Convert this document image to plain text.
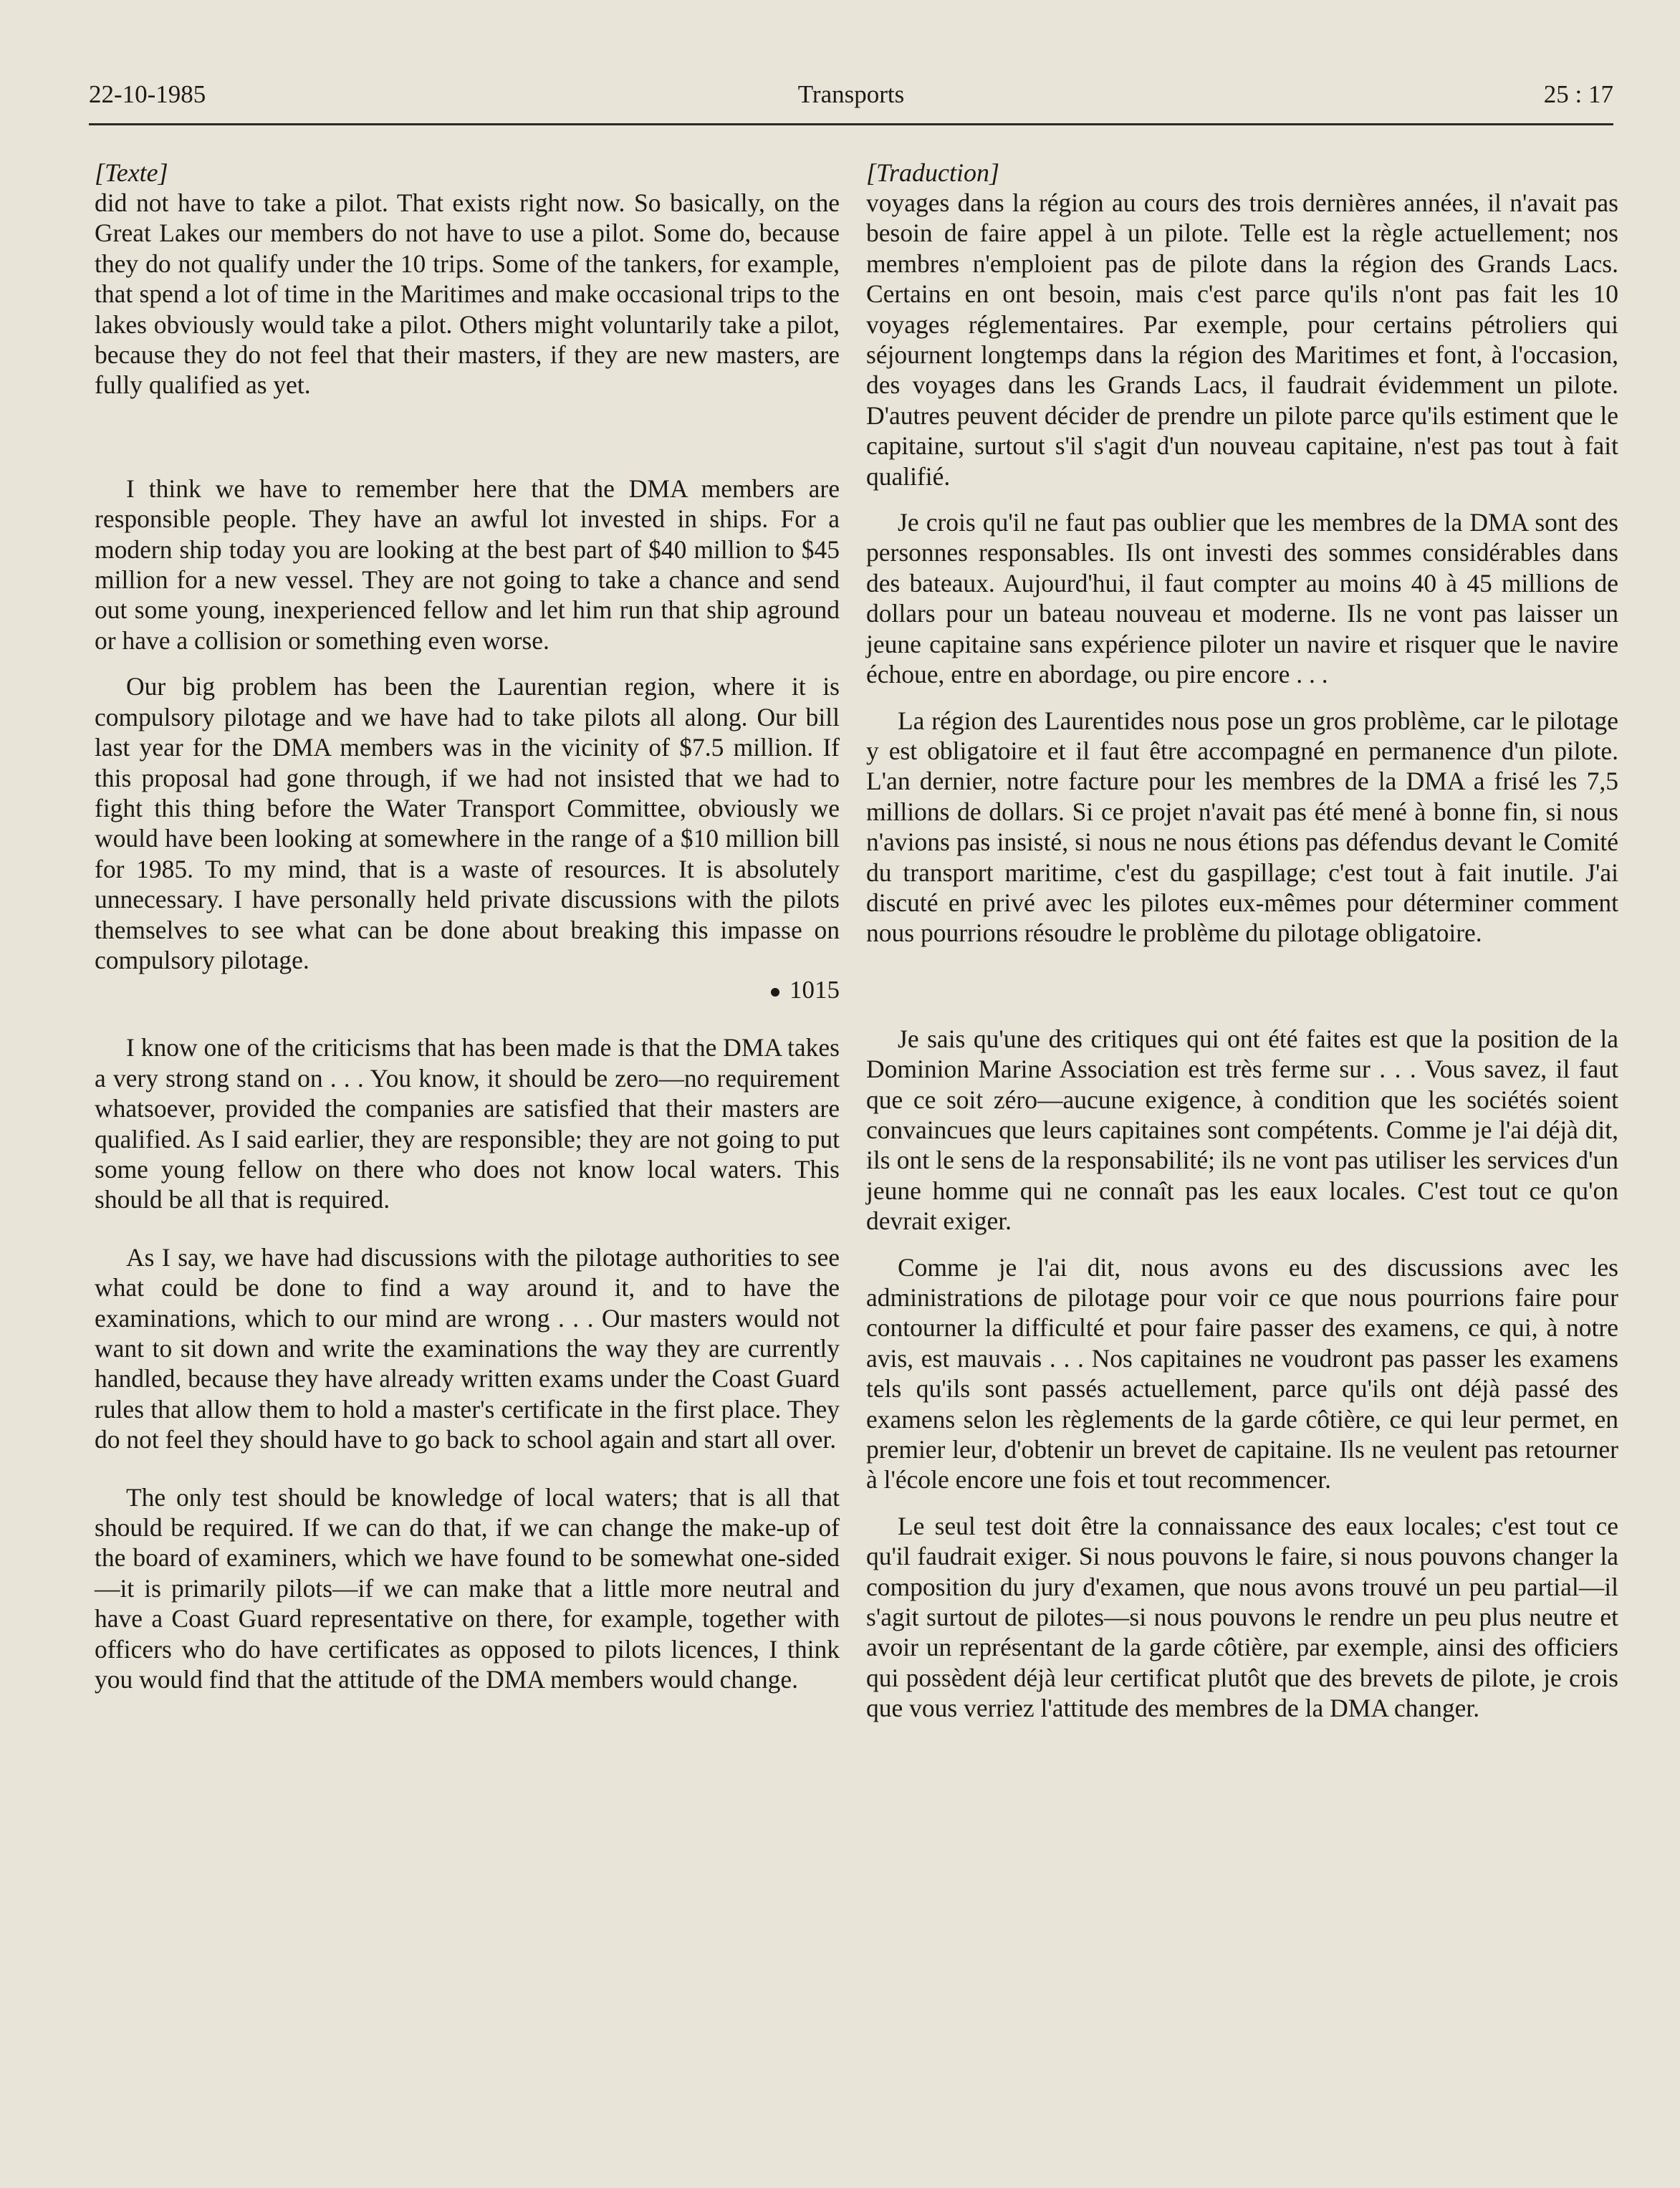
22-10-1985	Transports	25 : 17

[Texte]

did not have to take a pilot. That exists right now. So basically, on the Great Lakes our members do not have to use a pilot. Some do, because they do not qualify under the 10 trips. Some of the tankers, for example, that spend a lot of time in the Maritimes and make occasional trips to the lakes obviously would take a pilot. Others might voluntarily take a pilot, because they do not feel that their masters, if they are new masters, are fully qualified as yet.

I think we have to remember here that the DMA members are responsible people. They have an awful lot invested in ships. For a modern ship today you are looking at the best part of $40 million to $45 million for a new vessel. They are not going to take a chance and send out some young, inexperienced fellow and let him run that ship aground or have a collision or something even worse.

Our big problem has been the Laurentian region, where it is compulsory pilotage and we have had to take pilots all along. Our bill last year for the DMA members was in the vicinity of $7.5 million. If this proposal had gone through, if we had not insisted that we had to fight this thing before the Water Transport Committee, obviously we would have been looking at somewhere in the range of a $10 million bill for 1985. To my mind, that is a waste of resources. It is absolutely unnecessary. I have personally held private discussions with the pilots themselves to see what can be done about breaking this impasse on compulsory pilotage.

1015

I know one of the criticisms that has been made is that the DMA takes a very strong stand on . . . You know, it should be zero—no requirement whatsoever, provided the companies are satisfied that their masters are qualified. As I said earlier, they are responsible; they are not going to put some young fellow on there who does not know local waters. This should be all that is required.

As I say, we have had discussions with the pilotage authorities to see what could be done to find a way around it, and to have the examinations, which to our mind are wrong . . . Our masters would not want to sit down and write the examinations the way they are currently handled, because they have already written exams under the Coast Guard rules that allow them to hold a master's certificate in the first place. They do not feel they should have to go back to school again and start all over.

The only test should be knowledge of local waters; that is all that should be required. If we can do that, if we can change the make-up of the board of examiners, which we have found to be somewhat one-sided—it is primarily pilots—if we can make that a little more neutral and have a Coast Guard representative on there, for example, together with officers who do have certificates as opposed to pilots licences, I think you would find that the attitude of the DMA members would change.

[Traduction]

voyages dans la région au cours des trois dernières années, il n'avait pas besoin de faire appel à un pilote. Telle est la règle actuellement; nos membres n'emploient pas de pilote dans la région des Grands Lacs. Certains en ont besoin, mais c'est parce qu'ils n'ont pas fait les 10 voyages réglementaires. Par exemple, pour certains pétroliers qui séjournent longtemps dans la région des Maritimes et font, à l'occasion, des voyages dans les Grands Lacs, il faudrait évidemment un pilote. D'autres peuvent décider de prendre un pilote parce qu'ils estiment que le capitaine, surtout s'il s'agit d'un nouveau capitaine, n'est pas tout à fait qualifié.

Je crois qu'il ne faut pas oublier que les membres de la DMA sont des personnes responsables. Ils ont investi des sommes considérables dans des bateaux. Aujourd'hui, il faut compter au moins 40 à 45 millions de dollars pour un bateau nouveau et moderne. Ils ne vont pas laisser un jeune capitaine sans expérience piloter un navire et risquer que le navire échoue, entre en abordage, ou pire encore . . .

La région des Laurentides nous pose un gros problème, car le pilotage y est obligatoire et il faut être accompagné en permanence d'un pilote. L'an dernier, notre facture pour les membres de la DMA a frisé les 7,5 millions de dollars. Si ce projet n'avait pas été mené à bonne fin, si nous n'avions pas insisté, si nous ne nous étions pas défendus devant le Comité du transport maritime, c'est du gaspillage; c'est tout à fait inutile. J'ai discuté en privé avec les pilotes eux-mêmes pour déterminer comment nous pourrions résoudre le problème du pilotage obligatoire.

Je sais qu'une des critiques qui ont été faites est que la position de la Dominion Marine Association est très ferme sur . . . Vous savez, il faut que ce soit zéro—aucune exigence, à condition que les sociétés soient convaincues que leurs capitaines sont compétents. Comme je l'ai déjà dit, ils ont le sens de la responsabilité; ils ne vont pas utiliser les services d'un jeune homme qui ne connaît pas les eaux locales. C'est tout ce qu'on devrait exiger.

Comme je l'ai dit, nous avons eu des discussions avec les administrations de pilotage pour voir ce que nous pourrions faire pour contourner la difficulté et pour faire passer des examens, ce qui, à notre avis, est mauvais . . . Nos capitaines ne voudront pas passer les examens tels qu'ils sont passés actuellement, parce qu'ils ont déjà passé des examens selon les règlements de la garde côtière, ce qui leur permet, en premier leur, d'obtenir un brevet de capitaine. Ils ne veulent pas retourner à l'école encore une fois et tout recommencer.

Le seul test doit être la connaissance des eaux locales; c'est tout ce qu'il faudrait exiger. Si nous pouvons le faire, si nous pouvons changer la composition du jury d'examen, que nous avons trouvé un peu partial—il s'agit surtout de pilotes—si nous pouvons le rendre un peu plus neutre et avoir un représentant de la garde côtière, par exemple, ainsi des officiers qui possèdent déjà leur certificat plutôt que des brevets de pilote, je crois que vous verriez l'attitude des membres de la DMA changer.
